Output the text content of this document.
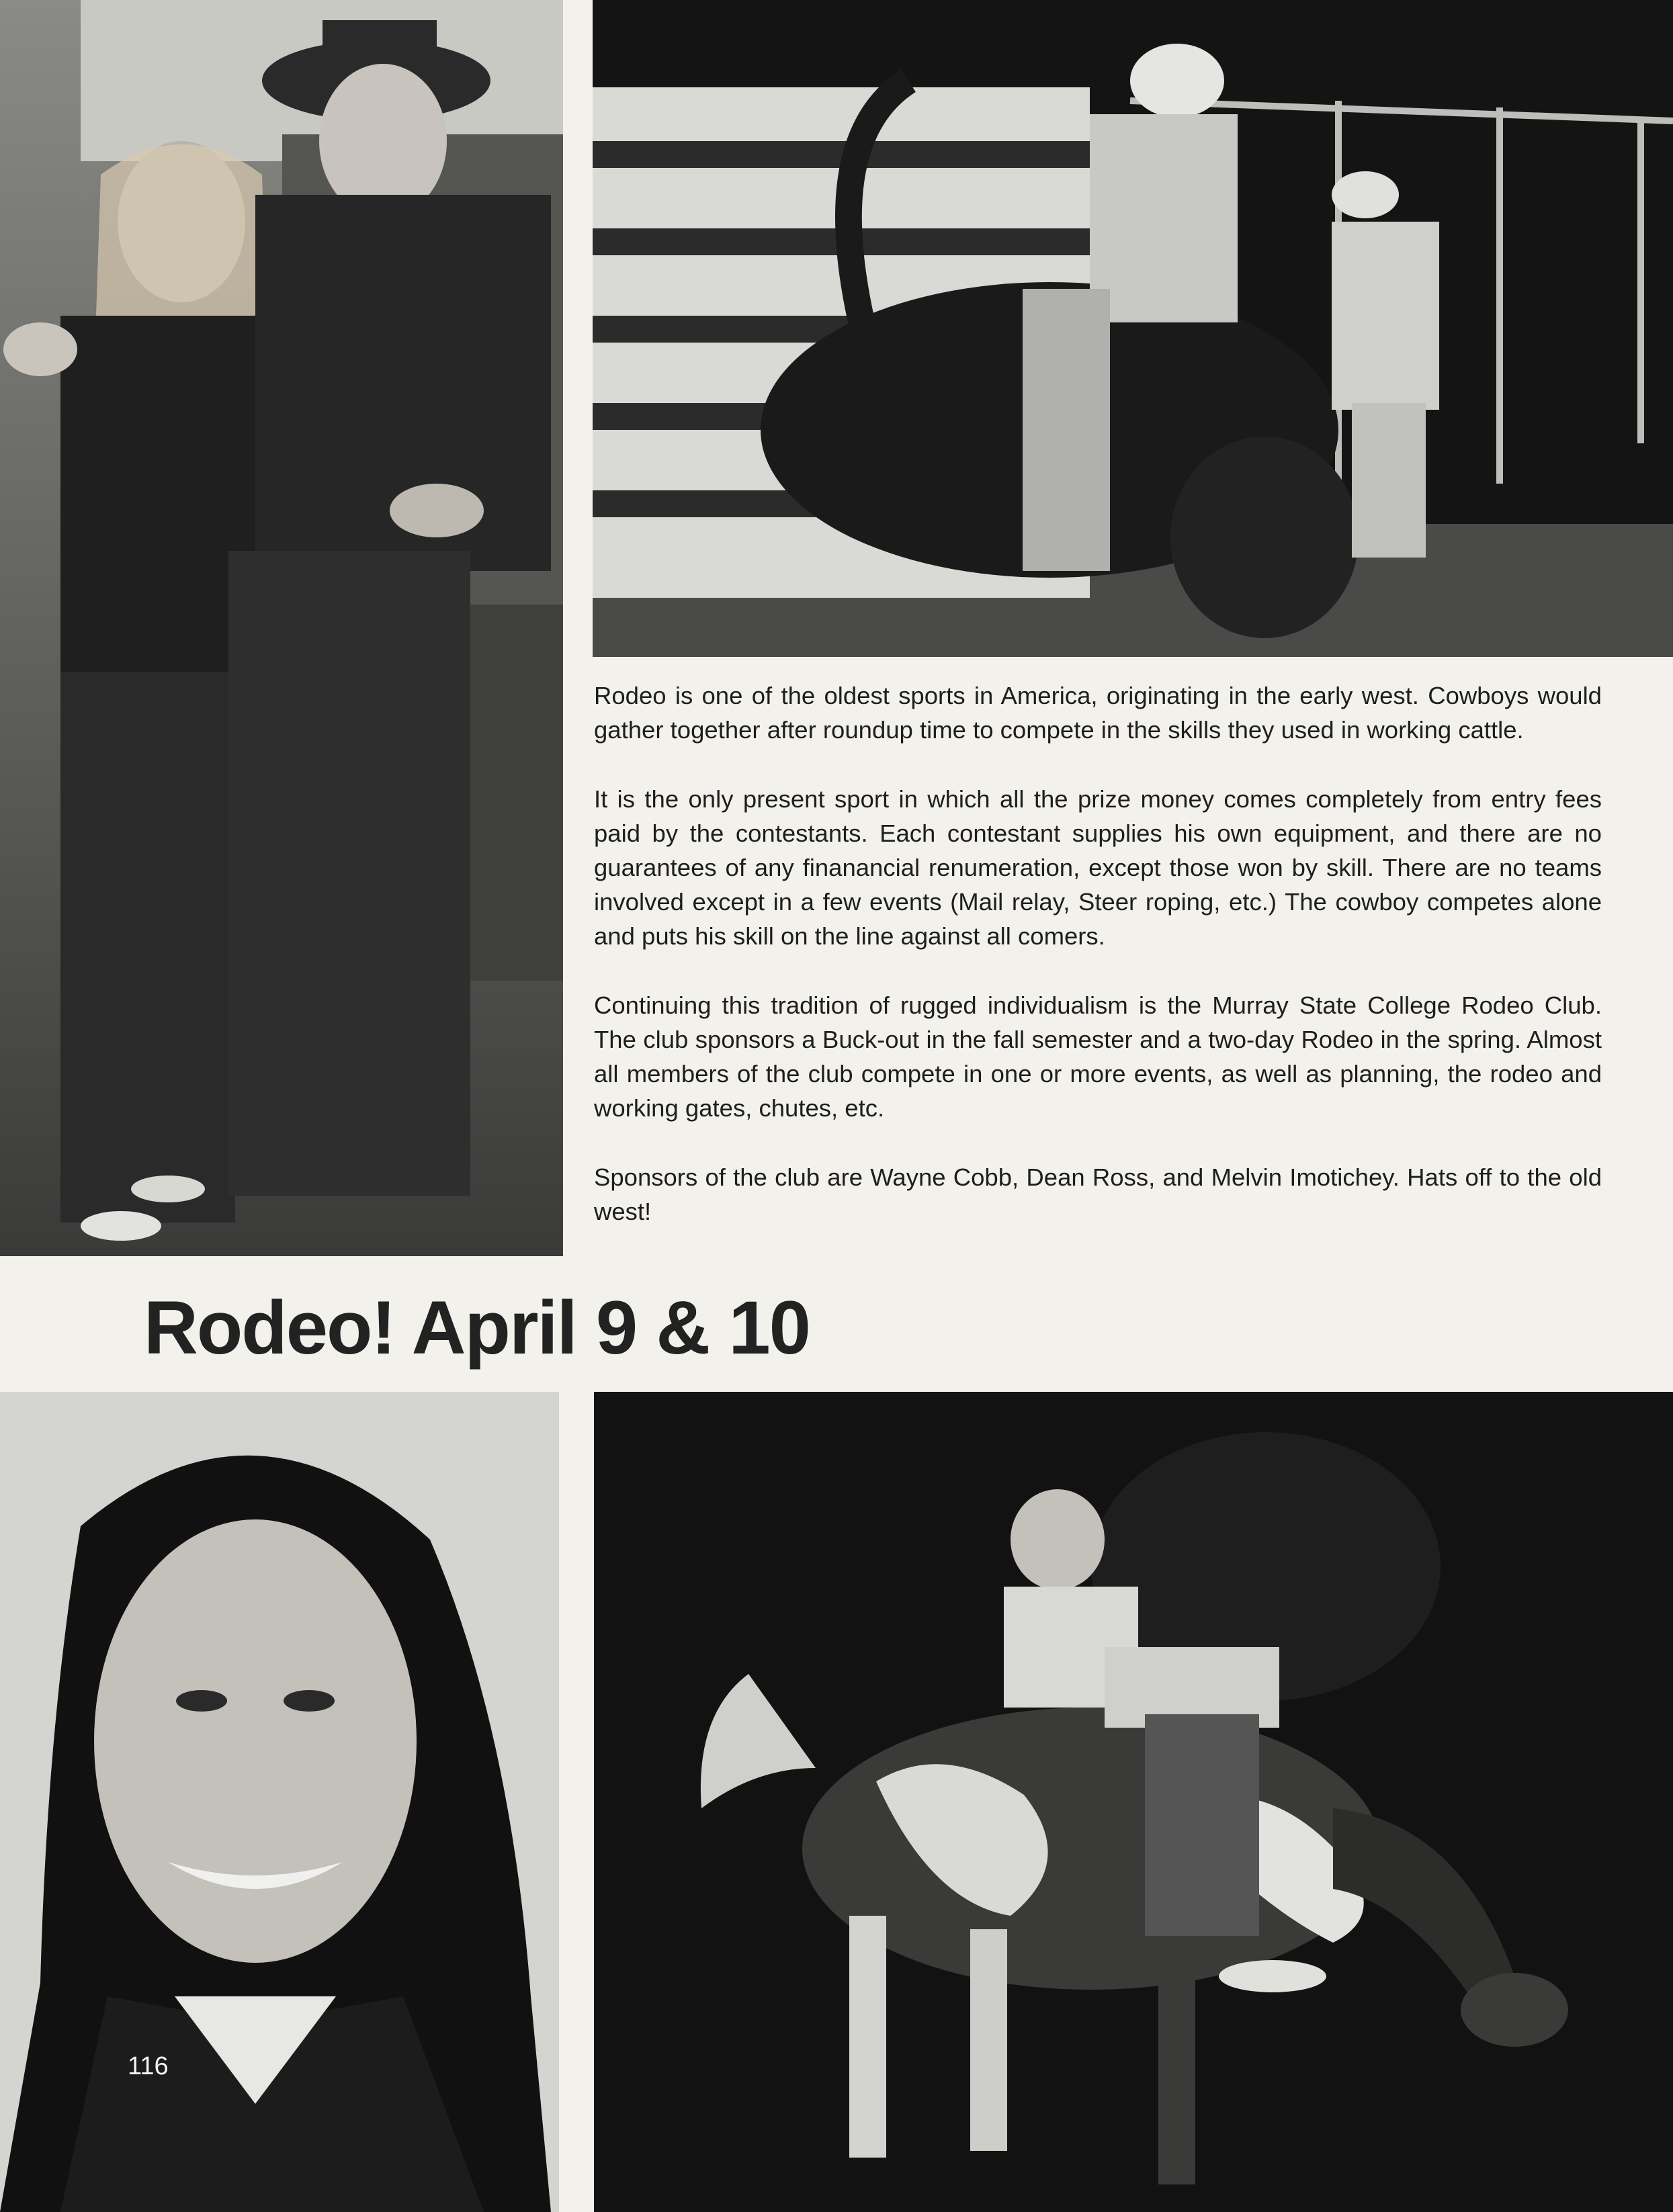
Rodeo is one of the oldest sports in America, originating in the early west. Cowboys would gather together after roundup time to compete in the skills they used in working cattle.

It is the only present sport in which all the prize money comes completely from entry fees paid by the contestants. Each contestant supplies his own equipment, and there are no guarantees of any finanancial renumeration, except those won by skill. There are no teams involved except in a few events (Mail relay, Steer roping, etc.) The cowboy competes alone and puts his skill on the line against all comers.

Continuing this tradition of rugged individualism is the Murray State College Rodeo Club. The club sponsors a Buck-out in the fall semester and a two-day Rodeo in the spring. Almost all members of the club compete in one or more events, as well as planning, the rodeo and working gates, chutes, etc.

Sponsors of the club are Wayne Cobb, Dean Ross, and Melvin Imotichey. Hats off to the old west!

Rodeo! April 9 & 10
116
